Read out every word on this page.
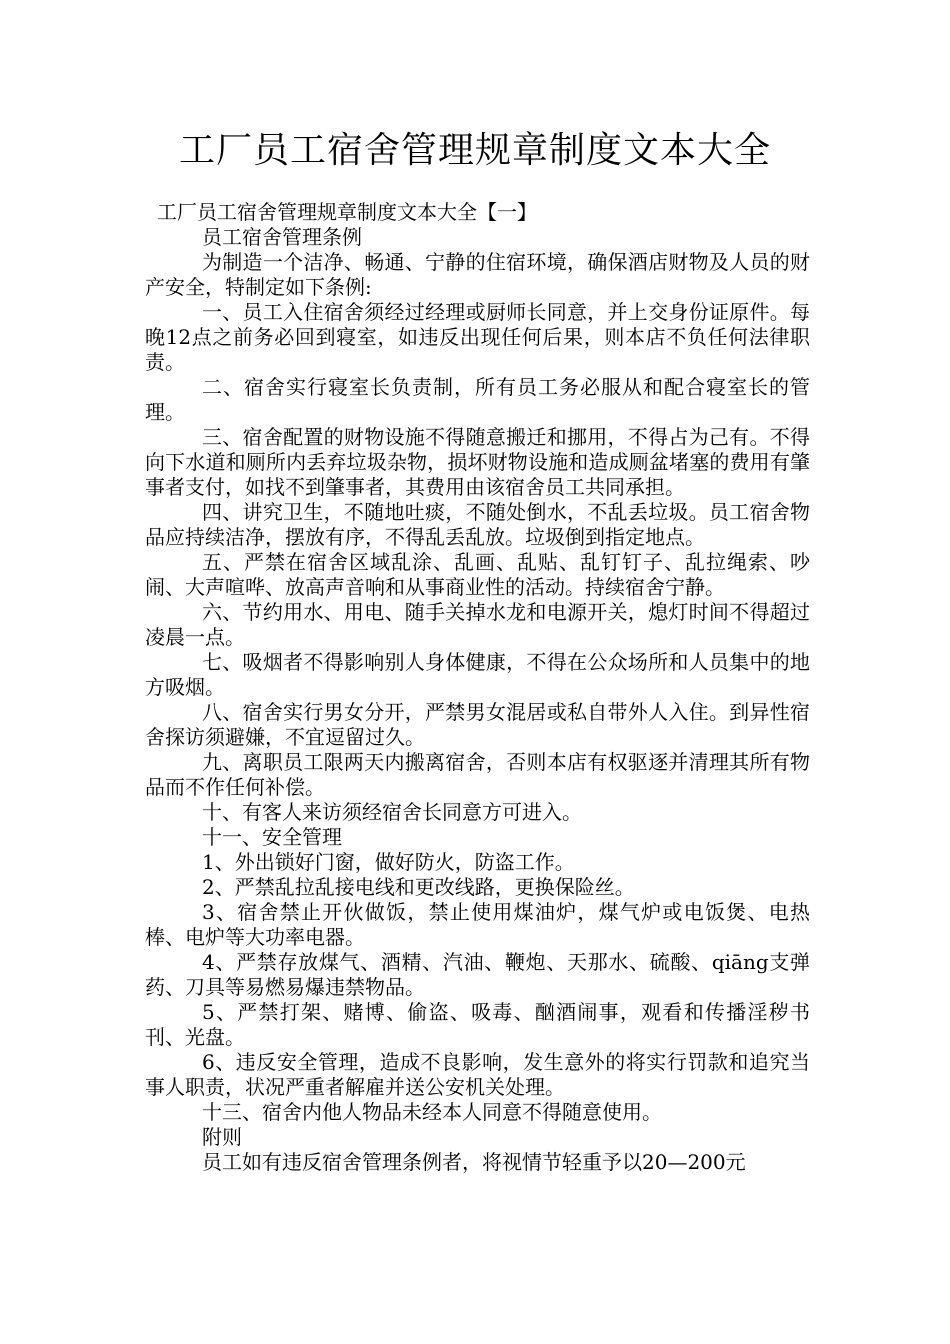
工厂员工宿舍管理规章制度文本大全

工厂员工宿舍管理规章制度文本大全【一】

员工宿舍管理条例

为制造一个洁净、畅通、宁静的住宿环境，确保酒店财物及人员的财产安全，特制定如下条例:

一、员工入住宿舍须经过经理或厨师长同意，并上交身份证原件。每晚12点之前务必回到寝室，如违反出现任何后果，则本店不负任何法律职责。

二、宿舍实行寝室长负责制，所有员工务必服从和配合寝室长的管理。

三、宿舍配置的财物设施不得随意搬迁和挪用，不得占为己有。不得向下水道和厕所内丢弃垃圾杂物，损坏财物设施和造成厕盆堵塞的费用有肇事者支付，如找不到肇事者，其费用由该宿舍员工共同承担。

四、讲究卫生，不随地吐痰，不随处倒水，不乱丢垃圾。员工宿舍物品应持续洁净，摆放有序，不得乱丢乱放。垃圾倒到指定地点。

五、严禁在宿舍区域乱涂、乱画、乱贴、乱钉钉子、乱拉绳索、吵闹、大声喧哗、放高声音响和从事商业性的活动。持续宿舍宁静。

六、节约用水、用电、随手关掉水龙和电源开关，熄灯时间不得超过凌晨一点。

七、吸烟者不得影响别人身体健康，不得在公众场所和人员集中的地方吸烟。

八、宿舍实行男女分开，严禁男女混居或私自带外人入住。到异性宿舍探访须避嫌，不宜逗留过久。

九、离职员工限两天内搬离宿舍，否则本店有权驱逐并清理其所有物品而不作任何补偿。

十、有客人来访须经宿舍长同意方可进入。

十一、安全管理

1、外出锁好门窗，做好防火，防盗工作。

2、严禁乱拉乱接电线和更改线路，更换保险丝。

3、宿舍禁止开伙做饭，禁止使用煤油炉，煤气炉或电饭煲、电热棒、电炉等大功率电器。

4、严禁存放煤气、酒精、汽油、鞭炮、天那水、硫酸、qiāng支弹药、刀具等易燃易爆违禁物品。

5、严禁打架、赌博、偷盗、吸毒、酗酒闹事，观看和传播淫秽书刊、光盘。

6、违反安全管理，造成不良影响，发生意外的将实行罚款和追究当事人职责，状况严重者解雇并送公安机关处理。

十三、宿舍内他人物品未经本人同意不得随意使用。

附则

员工如有违反宿舍管理条例者，将视情节轻重予以20—200元
